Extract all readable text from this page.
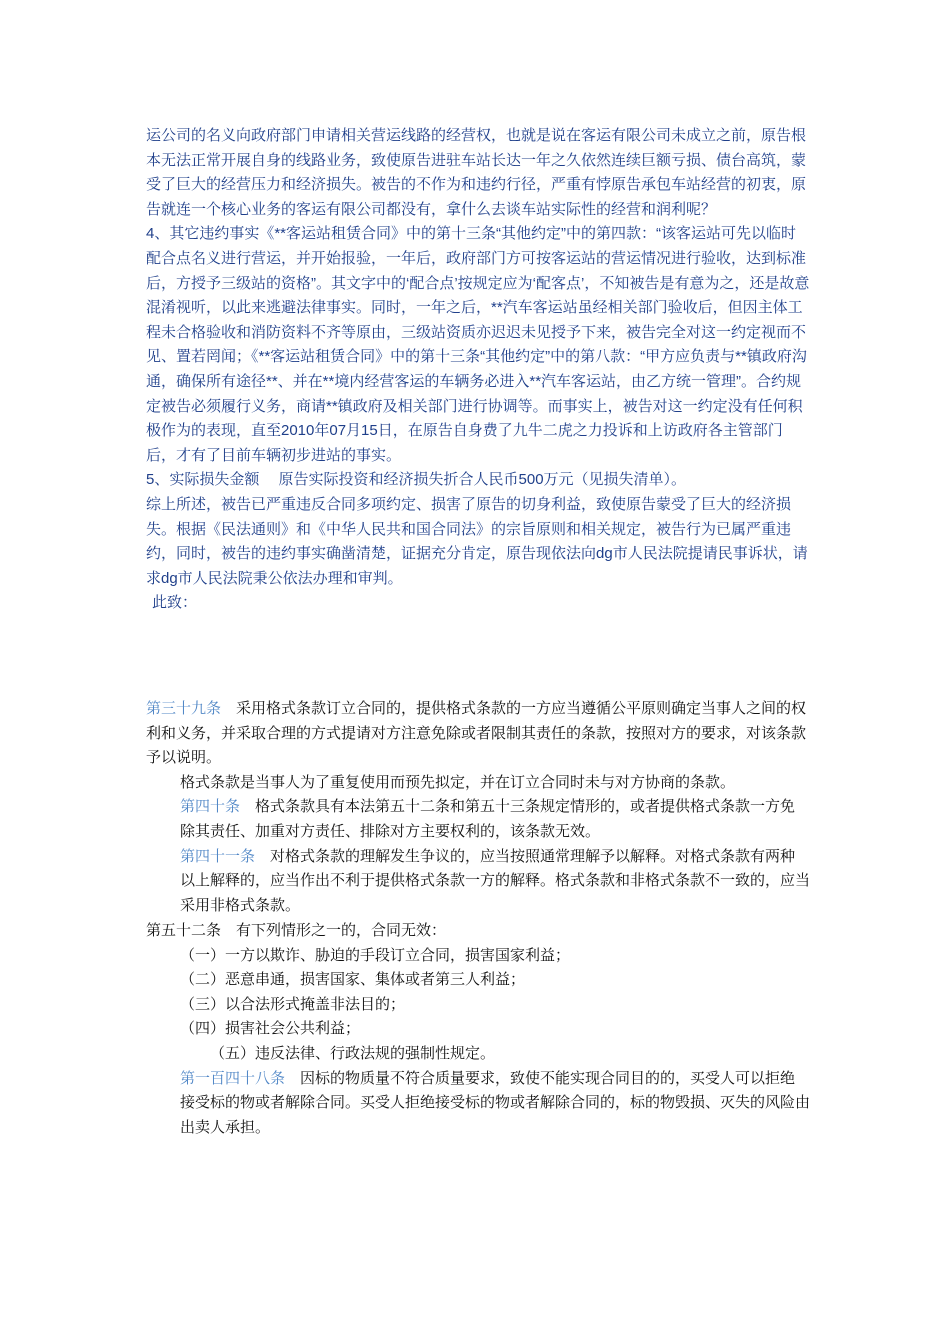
运公司的名义向政府部门申请相关营运线路的经营权，也就是说在客运有限公司未成立之前，原告根本无法正常开展自身的线路业务，致使原告进驻车站长达一年之久依然连续巨额亏损、债台高筑，蒙受了巨大的经营压力和经济损失。被告的不作为和违约行径，严重有悖原告承包车站经营的初衷，原告就连一个核心业务的客运有限公司都没有，拿什么去谈车站实际性的经营和润利呢？

4、其它违约事实《**客运站租赁合同》中的第十三条“其他约定”中的第四款：“该客运站可先以临时配合点名义进行营运，并开始报验，一年后，政府部门方可按客运站的营运情况进行验收，达到标准后，方授予三级站的资格”。其文字中的‘配合点’按规定应为‘配客点’，不知被告是有意为之，还是故意混淆视听，以此来逃避法律事实。同时，一年之后，**汽车客运站虽经相关部门验收后，但因主体工程未合格验收和消防资料不齐等原由，三级站资质亦迟迟未见授予下来，被告完全对这一约定视而不见、置若罔闻；《**客运站租赁合同》中的第十三条“其他约定”中的第八款：“甲方应负责与**镇政府沟通，确保所有途径**、并在**境内经营客运的车辆务必进入**汽车客运站，由乙方统一管理”。合约规定被告必须履行义务，商请**镇政府及相关部门进行协调等。而事实上，被告对这一约定没有任何积极作为的表现，直至2010年07月15日，在原告自身费了九牛二虎之力投诉和上访政府各主管部门后，才有了目前车辆初步进站的事实。

5、实际损失金额　 原告实际投资和经济损失折合人民币500万元（见损失清单）。

综上所述，被告已严重违反合同多项约定、损害了原告的切身利益，致使原告蒙受了巨大的经济损失。根据《民法通则》和《中华人民共和国合同法》的宗旨原则和相关规定，被告行为已属严重违约，同时，被告的违约事实确凿清楚，证据充分肯定，原告现依法向dg市人民法院提请民事诉状，请求dg市人民法院秉公依法办理和审判。

此致：

第三十九条　采用格式条款订立合同的，提供格式条款的一方应当遵循公平原则确定当事人之间的权利和义务，并采取合理的方式提请对方注意免除或者限制其责任的条款，按照对方的要求，对该条款予以说明。

格式条款是当事人为了重复使用而预先拟定，并在订立合同时未与对方协商的条款。

第四十条　格式条款具有本法第五十二条和第五十三条规定情形的，或者提供格式条款一方免除其责任、加重对方责任、排除对方主要权利的，该条款无效。

第四十一条　对格式条款的理解发生争议的，应当按照通常理解予以解释。对格式条款有两种以上解释的，应当作出不利于提供格式条款一方的解释。格式条款和非格式条款不一致的，应当采用非格式条款。

第五十二条　有下列情形之一的，合同无效：

（一）一方以欺诈、胁迫的手段订立合同，损害国家利益；

（二）恶意串通，损害国家、集体或者第三人利益；

（三）以合法形式掩盖非法目的；

（四）损害社会公共利益；

（五）违反法律、行政法规的强制性规定。

第一百四十八条　因标的物质量不符合质量要求，致使不能实现合同目的的，买受人可以拒绝接受标的物或者解除合同。买受人拒绝接受标的物或者解除合同的，标的物毁损、灭失的风险由出卖人承担。
